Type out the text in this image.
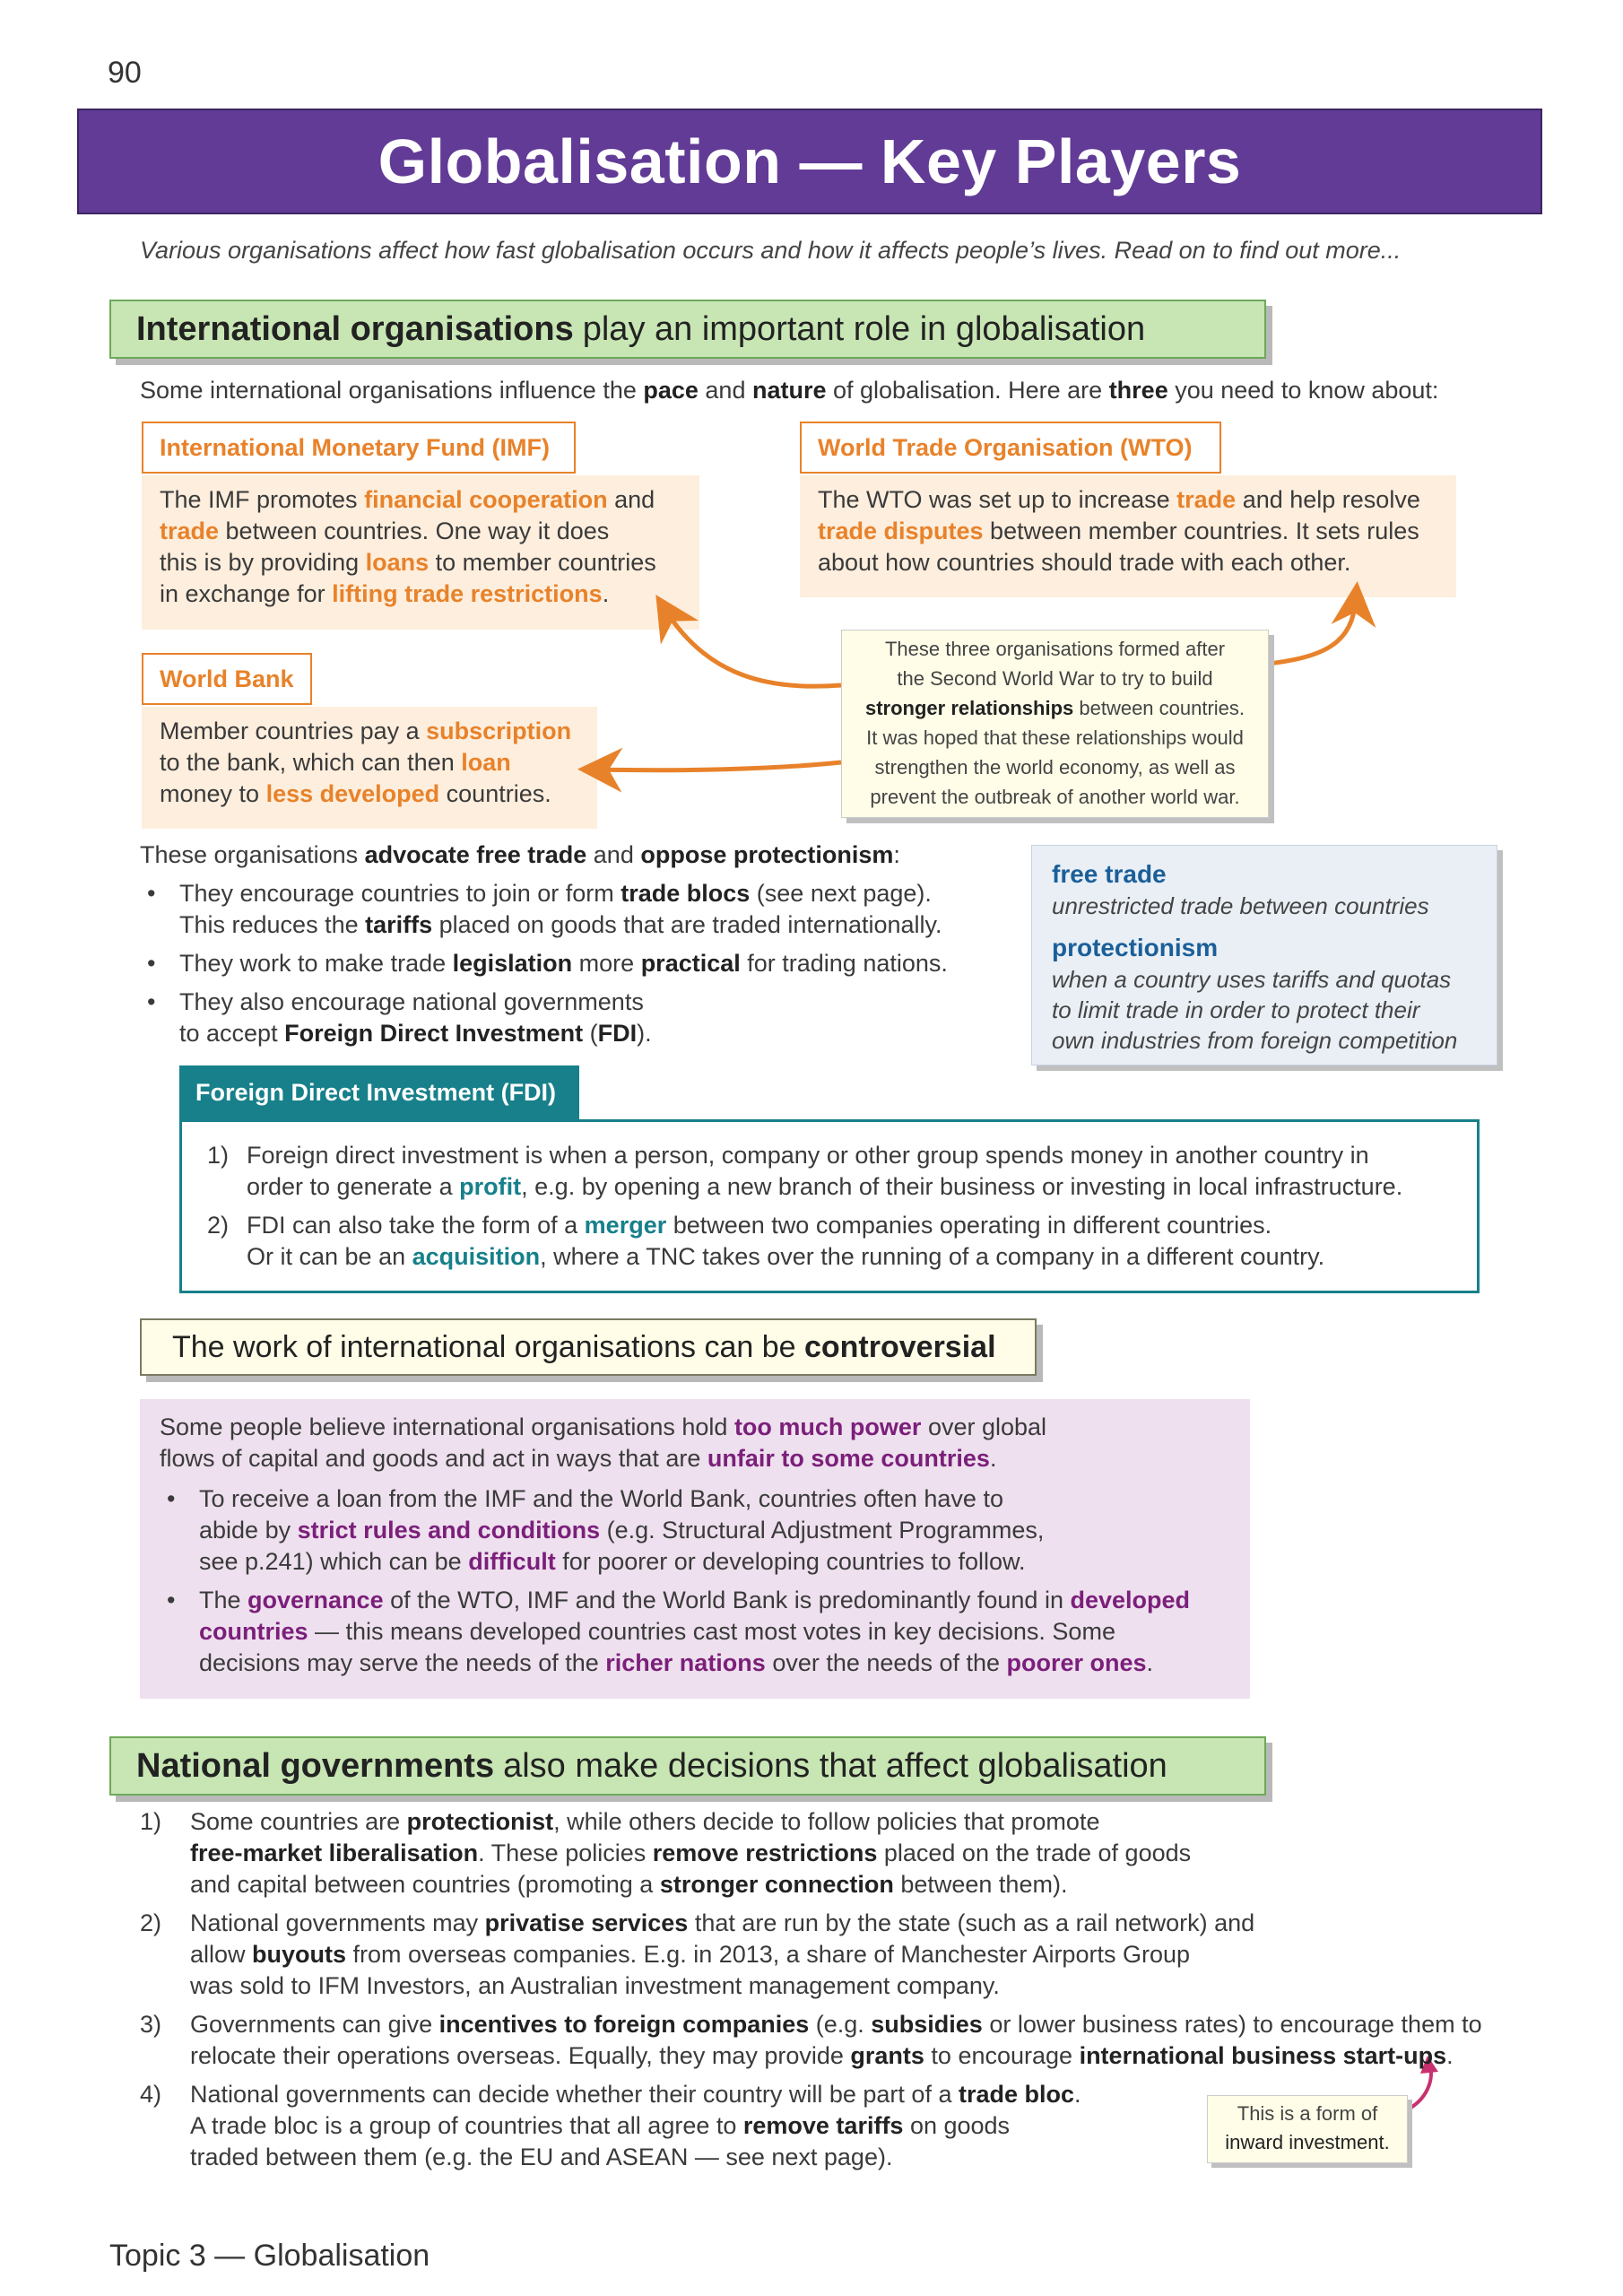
90
Globalisation — Key Players
Various organisations affect how fast globalisation occurs and how it affects people’s lives. Read on to find out more...
International organisations play an important role in globalisation
Some international organisations influence the pace and nature of globalisation. Here are three you need to know about:
International Monetary Fund (IMF)
The IMF promotes financial cooperation and
trade between countries. One way it does
this is by providing loans to member countries
in exchange for lifting trade restrictions.
World Trade Organisation (WTO)
The WTO was set up to increase trade and help resolve
trade disputes between member countries. It sets rules
about how countries should trade with each other.
World Bank
Member countries pay a subscription
to the bank, which can then loan
money to less developed countries.
These three organisations formed after
the Second World War to try to build
stronger relationships between countries.
It was hoped that these relationships would
strengthen the world economy, as well as
prevent the outbreak of another world war.
These organisations advocate free trade and oppose protectionism:
• They encourage countries to join or form trade blocs (see next page).
This reduces the tariffs placed on goods that are traded internationally.
• They work to make trade legislation more practical for trading nations.
• They also encourage national governments
to accept Foreign Direct Investment (FDI).
free trade
unrestricted trade between countries
protectionism
when a country uses tariffs and quotas
to limit trade in order to protect their
own industries from foreign competition
Foreign Direct Investment (FDI)
1) Foreign direct investment is when a person, company or other group spends money in another country in
order to generate a profit, e.g. by opening a new branch of their business or investing in local infrastructure.
2) FDI can also take the form of a merger between two companies operating in different countries.
Or it can be an acquisition, where a TNC takes over the running of a company in a different country.
The work of international organisations can be
controversial
Some people believe international organisations hold too much power over global
flows of capital and goods and act in ways that are unfair to some countries.
• To receive a loan from the IMF and the World Bank, countries often have to
abide by strict rules and conditions (e.g. Structural Adjustment Programmes,
see p.241) which can be difficult for poorer or developing countries to follow.
• The governance of the WTO, IMF and the World Bank is predominantly found in developed
countries — this means developed countries cast most votes in key decisions. Some
decisions may serve the needs of the richer nations over the needs of the poorer ones.
National governments also make decisions that affect globalisation
1) Some countries are protectionist, while others decide to follow policies that promote
free-market liberalisation. These policies remove restrictions placed on the trade of goods
and capital between countries (promoting a stronger connection between them).
2) National governments may privatise services that are run by the state (such as a rail network) and
allow buyouts from overseas companies. E.g. in 2013, a share of Manchester Airports Group
was sold to IFM Investors, an Australian investment management company.
3) Governments can give incentives to foreign companies (e.g. subsidies or lower business rates) to encourage them to
relocate their operations overseas. Equally, they may provide grants to encourage international business start-ups.
4) National governments can decide whether their country will be part of a trade bloc.
A trade bloc is a group of countries that all agree to remove tariffs on goods
traded between them (e.g. the EU and ASEAN — see next page).
This is a form of
inward investment.
Topic 3 — Globalisation
